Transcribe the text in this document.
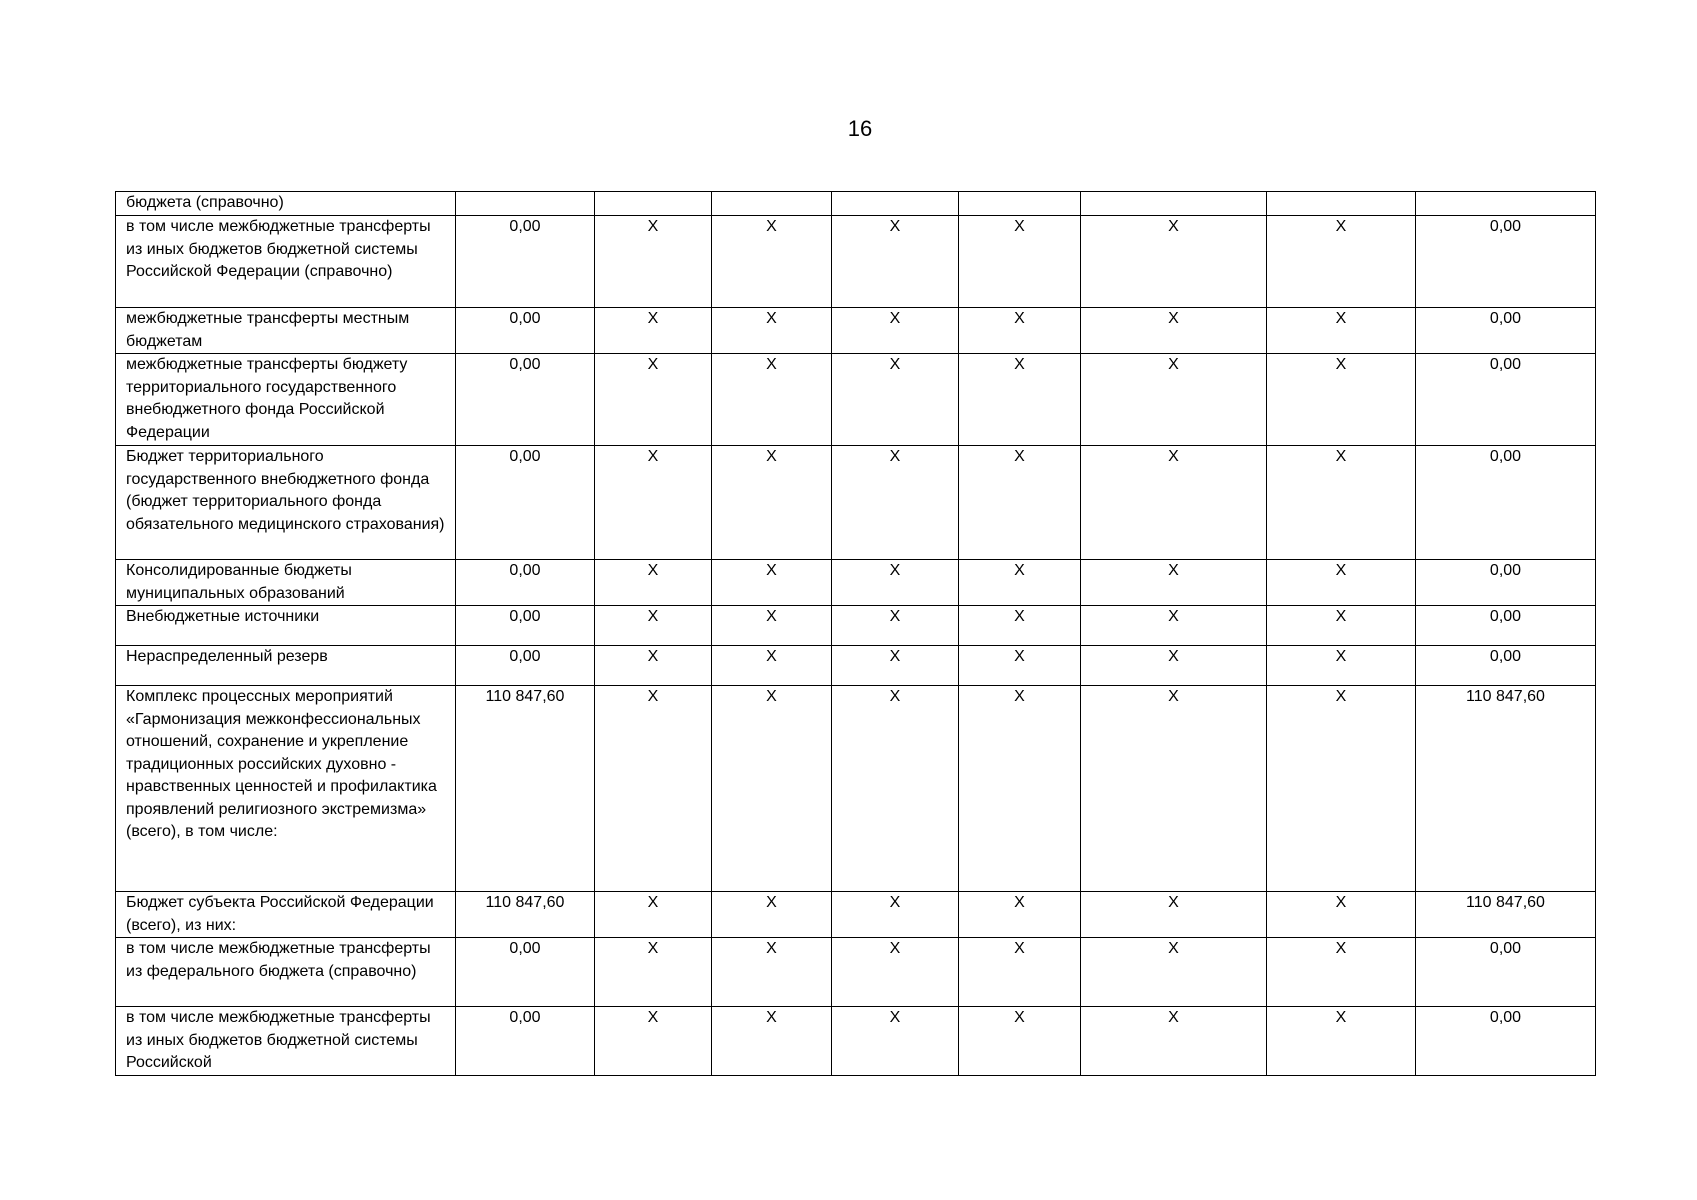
16
бюджета (справочно)								
в том числе межбюджетные трансферты из иных бюджетов бюджетной системы Российской Федерации (справочно)	0,00	X	X	X	X	X	X	0,00
межбюджетные трансферты местным бюджетам	0,00	X	X	X	X	X	X	0,00
межбюджетные трансферты бюджету территориального государственного внебюджетного фонда Российской Федерации	0,00	X	X	X	X	X	X	0,00
Бюджет территориального государственного внебюджетного фонда (бюджет территориального фонда обязательного медицинского страхования)	0,00	X	X	X	X	X	X	0,00
Консолидированные бюджеты муниципальных образований	0,00	X	X	X	X	X	X	0,00
Внебюджетные источники	0,00	X	X	X	X	X	X	0,00
Нераспределенный резерв	0,00	X	X	X	X	X	X	0,00
Комплекс процессных мероприятий «Гармонизация межконфессиональных отношений, сохранение и укрепление традиционных российских духовно - нравственных ценностей и профилактика проявлений религиозного экстремизма» (всего), в том числе:	110 847,60	X	X	X	X	X	X	110 847,60
Бюджет субъекта Российской Федерации (всего), из них:	110 847,60	X	X	X	X	X	X	110 847,60
в том числе межбюджетные трансферты из федерального бюджета (справочно)	0,00	X	X	X	X	X	X	0,00
в том числе межбюджетные трансферты из иных бюджетов бюджетной системы Российской	0,00	X	X	X	X	X	X	0,00
